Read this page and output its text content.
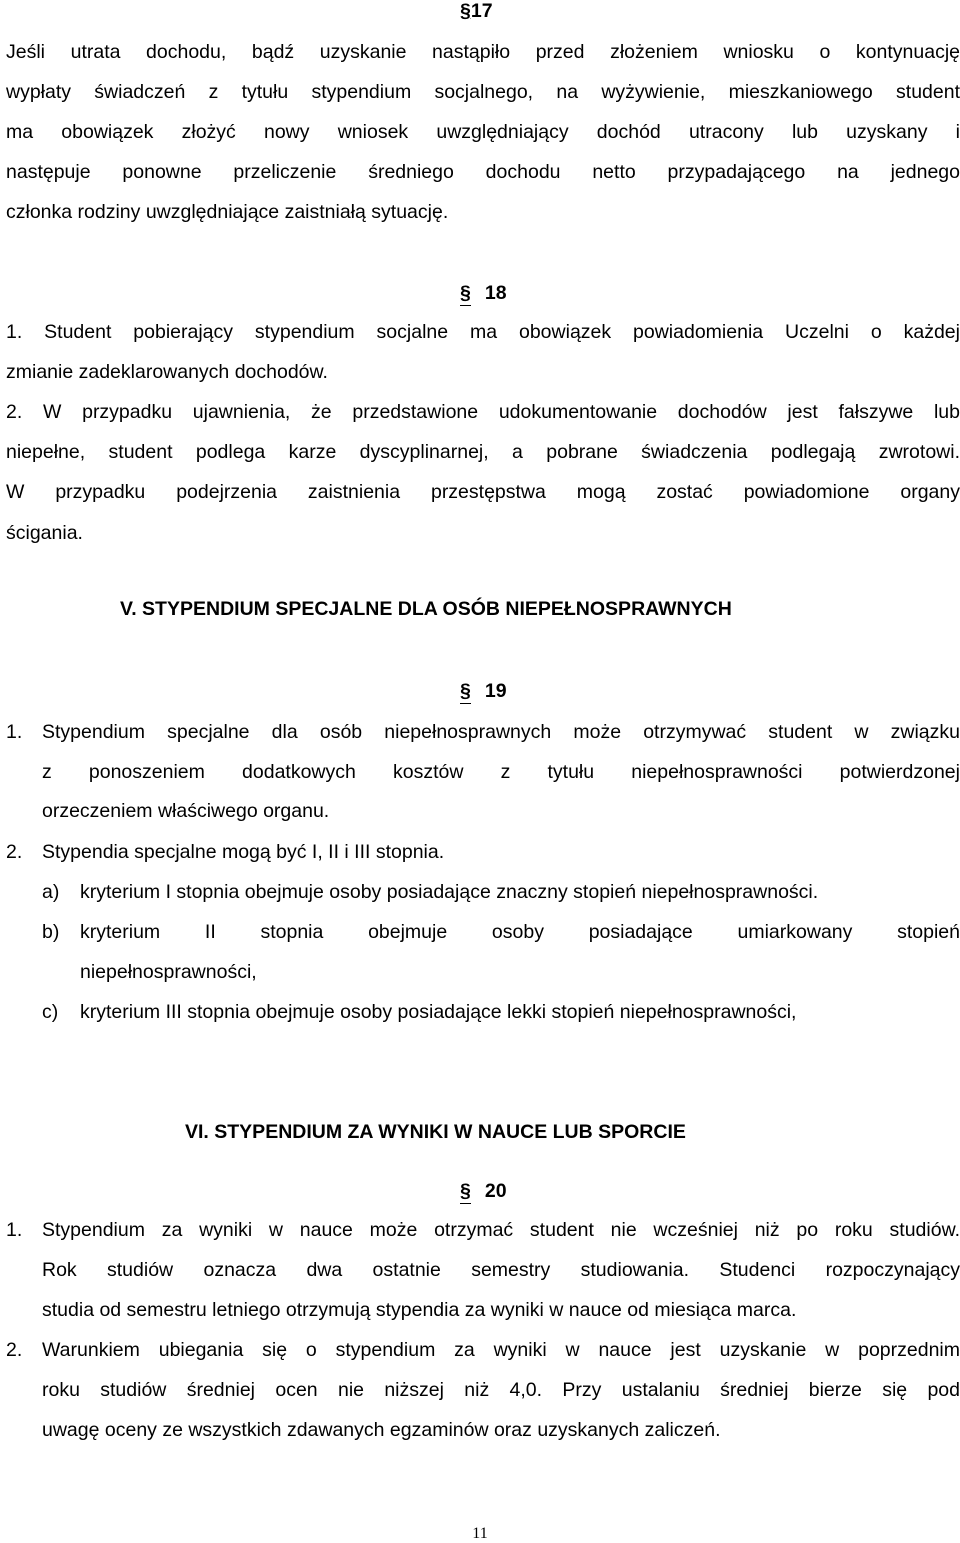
§17
Jeśli utrata dochodu, bądź uzyskanie nastąpiło przed złożeniem wniosku o kontynuację
wypłaty świadczeń z tytułu stypendium socjalnego, na wyżywienie, mieszkaniowego student
ma obowiązek złożyć nowy wniosek uwzględniający dochód utracony lub uzyskany i
następuje ponowne przeliczenie średniego dochodu netto przypadającego na jednego
członka rodziny uwzględniające zaistniałą sytuację.
§ 18
1. Student pobierający stypendium socjalne ma obowiązek powiadomienia Uczelni o każdej
zmianie zadeklarowanych dochodów.
2. W przypadku ujawnienia, że przedstawione udokumentowanie dochodów jest fałszywe lub
niepełne, student podlega karze dyscyplinarnej, a pobrane świadczenia podlegają zwrotowi.
W przypadku podejrzenia zaistnienia przestępstwa mogą zostać powiadomione organy
ścigania.
V. STYPENDIUM SPECJALNE DLA OSÓB NIEPEŁNOSPRAWNYCH
§ 19
1. Stypendium specjalne dla osób niepełnosprawnych może otrzymywać student w związku
z ponoszeniem dodatkowych kosztów z tytułu niepełnosprawności potwierdzonej
orzeczeniem właściwego organu.
2. Stypendia specjalne mogą być I, II i III stopnia.
a) kryterium I stopnia obejmuje osoby posiadające znaczny stopień niepełnosprawności.
b) kryterium II stopnia obejmuje osoby posiadające umiarkowany stopień
niepełnosprawności,
c) kryterium III stopnia obejmuje osoby posiadające lekki stopień niepełnosprawności,
VI. STYPENDIUM ZA WYNIKI W NAUCE LUB SPORCIE
§ 20
1. Stypendium za wyniki w nauce może otrzymać student nie wcześniej niż po roku studiów.
Rok studiów oznacza dwa ostatnie semestry studiowania. Studenci rozpoczynający
studia od semestru letniego otrzymują stypendia za wyniki w nauce od miesiąca marca.
2. Warunkiem ubiegania się o stypendium za wyniki w nauce jest uzyskanie w poprzednim
roku studiów średniej ocen nie niższej niż 4,0. Przy ustalaniu średniej bierze się pod
uwagę oceny ze wszystkich zdawanych egzaminów oraz uzyskanych zaliczeń.
11
